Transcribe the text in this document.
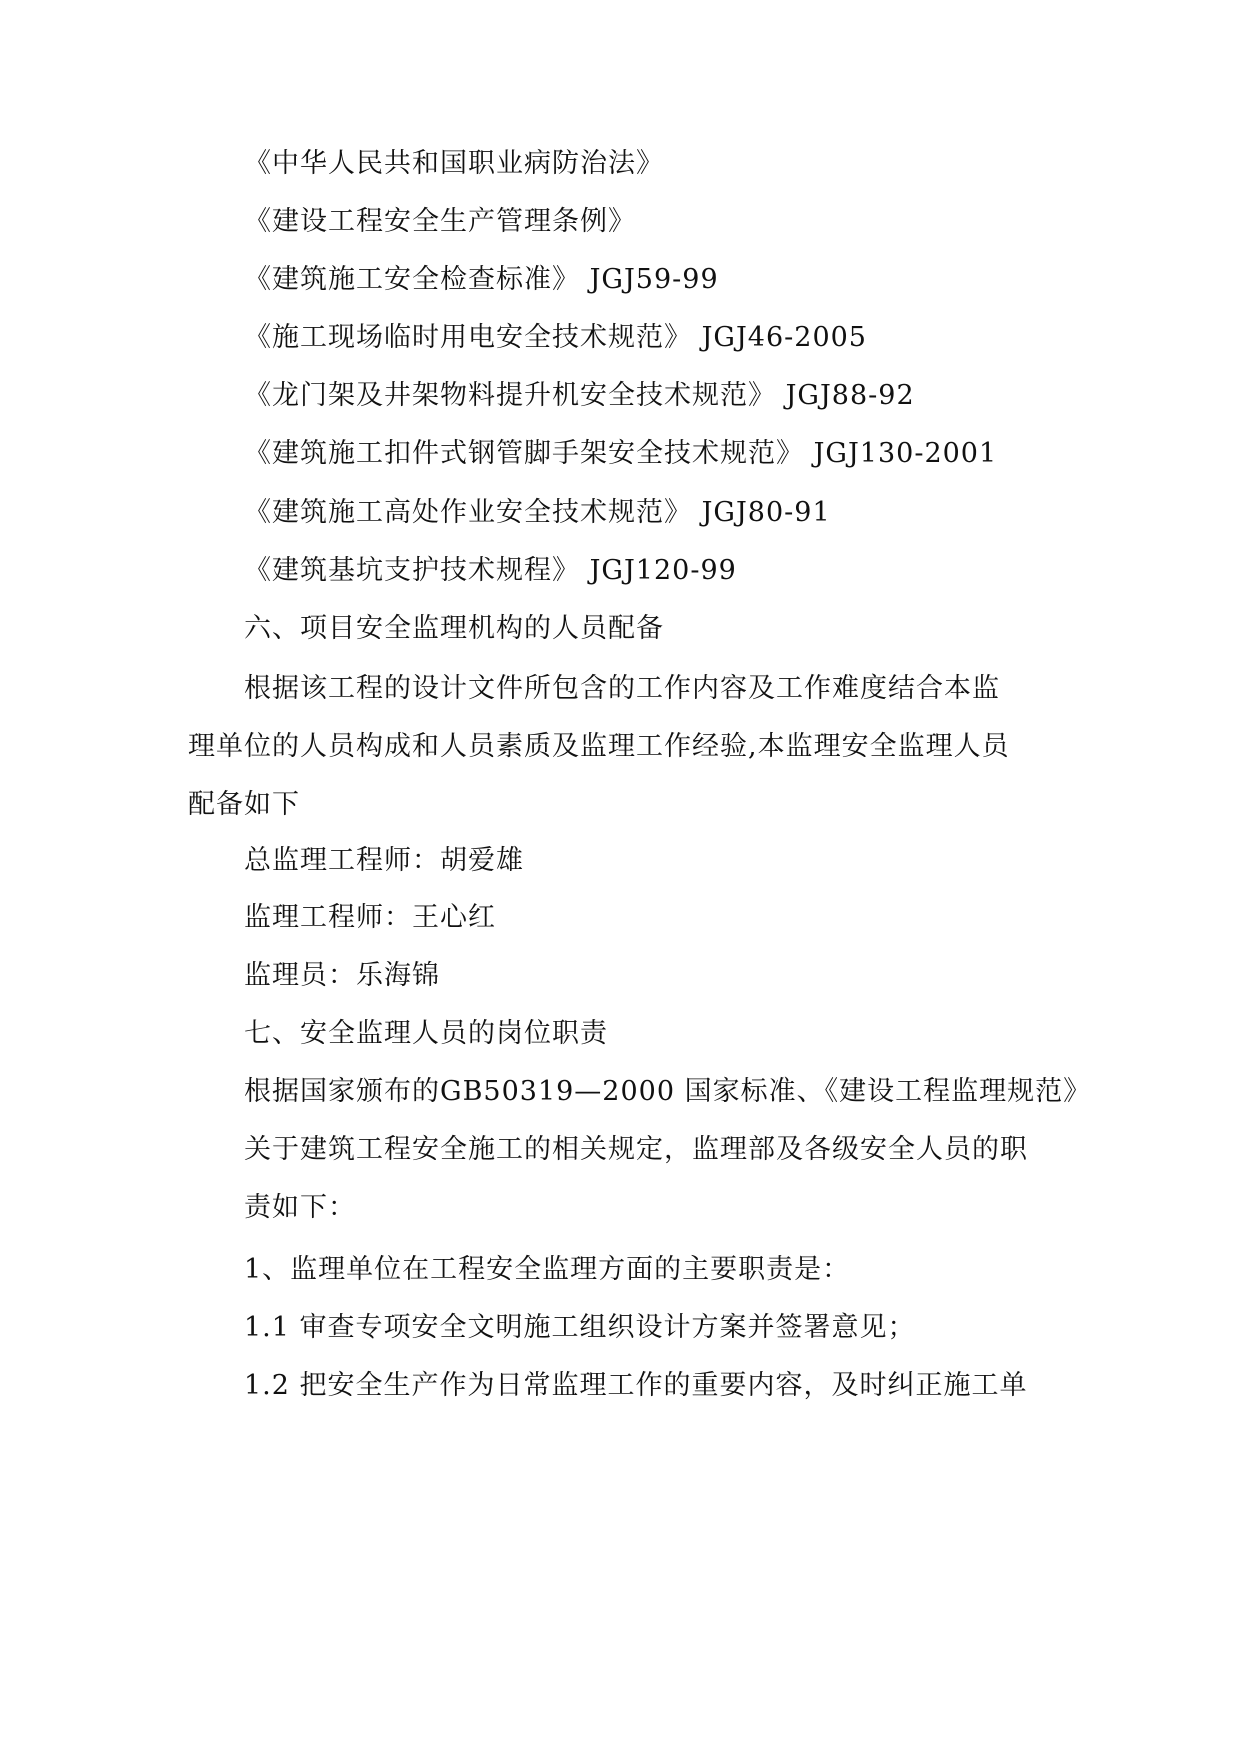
《中华人民共和国职业病防治法》
《建设工程安全生产管理条例》
《建筑施工安全检查标准》 JGJ59-99
《施工现场临时用电安全技术规范》 JGJ46-2005
《龙门架及井架物料提升机安全技术规范》 JGJ88-92
《建筑施工扣件式钢管脚手架安全技术规范》 JGJ130-2001
《建筑施工高处作业安全技术规范》 JGJ80-91
《建筑基坑支护技术规程》 JGJ120-99
六、项目安全监理机构的人员配备
根据该工程的设计文件所包含的工作内容及工作难度结合本监
理单位的人员构成和人员素质及监理工作经验,本监理安全监理人员
配备如下
总监理工程师：胡爱雄
监理工程师：王心红
监理员：乐海锦
七、安全监理人员的岗位职责
根据国家颁布的GB50319—2000 国家标准、《建设工程监理规范》
关于建筑工程安全施工的相关规定，监理部及各级安全人员的职
责如下：
1、监理单位在工程安全监理方面的主要职责是：
1.1 审查专项安全文明施工组织设计方案并签署意见；
1.2 把安全生产作为日常监理工作的重要内容，及时纠正施工单
